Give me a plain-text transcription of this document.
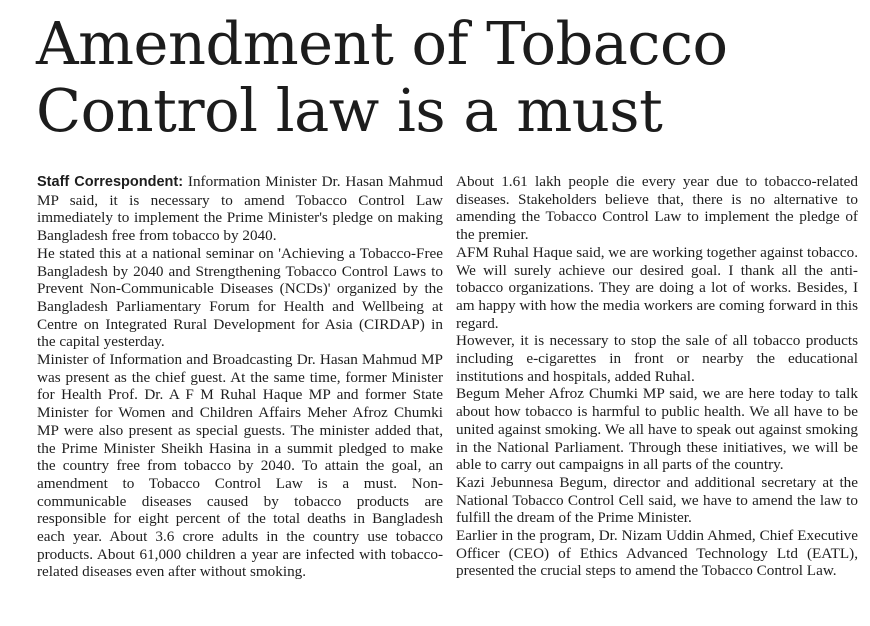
Amendment of Tobacco
Control law is a must

Staff Correspondent: Information Minister Dr. Hasan Mahmud MP said, it is necessary to amend Tobacco Control Law immediately to implement the Prime Minister's pledge on making Bangladesh free from tobacco by 2040.

He stated this at a national seminar on 'Achieving a Tobacco-Free Bangladesh by 2040 and Strengthening Tobacco Control Laws to Prevent Non-Communicable Diseases (NCDs)' organized by the Bangladesh Parliamentary Forum for Health and Wellbeing at Centre on Integrated Rural Development for Asia (CIRDAP) in the capital yesterday.

Minister of Information and Broadcasting Dr. Hasan Mahmud MP was present as the chief guest. At the same time, former Minister for Health Prof. Dr. A F M Ruhal Haque MP and former State Minister for Women and Children Affairs Meher Afroz Chumki MP were also present as special guests. The minister added that, the Prime Minister Sheikh Hasina in a summit pledged to make the country free from tobacco by 2040. To attain the goal, an amendment to Tobacco Control Law is a must. Non-communicable diseases caused by tobacco products are responsible for eight percent of the total deaths in Bangladesh each year. About 3.6 crore adults in the country use tobacco products. About 61,000 children a year are infected with tobacco-related diseases even after without smoking.

About 1.61 lakh people die every year due to tobacco-related diseases. Stakeholders believe that, there is no alternative to amending the Tobacco Control Law to implement the pledge of the premier.

AFM Ruhal Haque said, we are working together against tobacco. We will surely achieve our desired goal. I thank all the anti-tobacco organizations. They are doing a lot of works. Besides, I am happy with how the media workers are coming forward in this regard.

However, it is necessary to stop the sale of all tobacco products including e-cigarettes in front or nearby the educational institutions and hospitals, added Ruhal.

Begum Meher Afroz Chumki MP said, we are here today to talk about how tobacco is harmful to public health. We all have to be united against smoking. We all have to speak out against smoking in the National Parliament. Through these initiatives, we will be able to carry out campaigns in all parts of the country.

Kazi Jebunnesa Begum, director and additional secretary at the National Tobacco Control Cell said, we have to amend the law to fulfill the dream of the Prime Minister.

Earlier in the program, Dr. Nizam Uddin Ahmed, Chief Executive Officer (CEO) of Ethics Advanced Technology Ltd (EATL), presented the crucial steps to amend the Tobacco Control Law.
